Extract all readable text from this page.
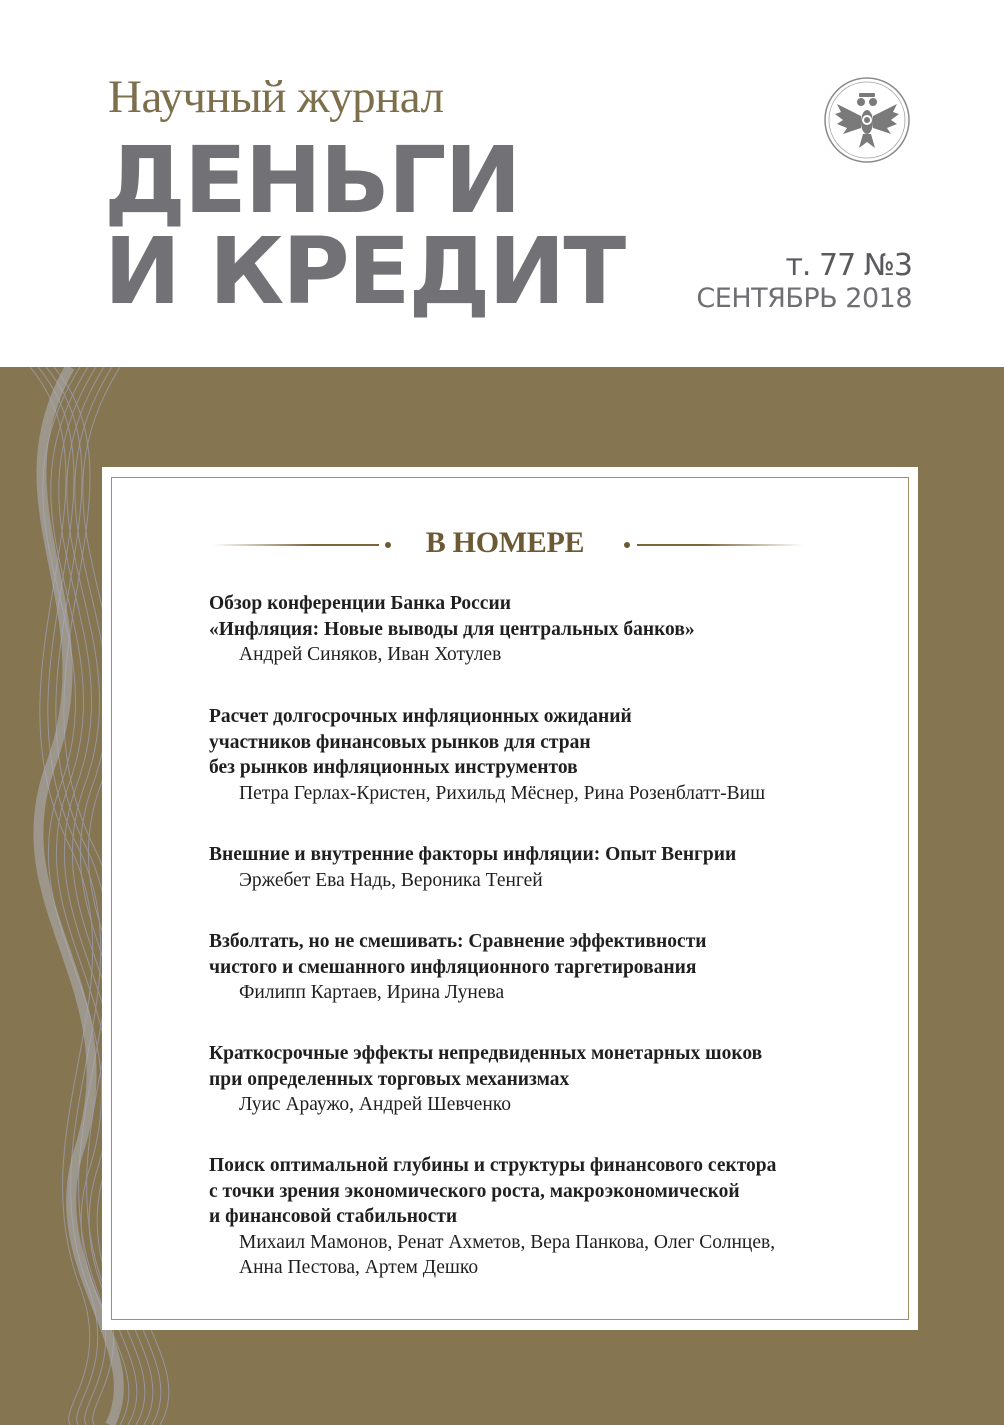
Научный журнал
ДЕНЬГИ
И КРЕДИТ	т. 77 №3
СЕНТЯБРЬ 2018
В НОМЕРЕ
Обзор конференции Банка России
«Инфляция: Новые выводы для центральных банков»
Андрей Синяков, Иван Хотулев
Расчет долгосрочных инфляционных ожиданий
участников финансовых рынков для стран
без рынков инфляционных инструментов
Петра Герлах-Кристен, Рихильд Мёснер, Рина Розенблатт-Виш
Внешние и внутренние факторы инфляции: Опыт Венгрии
Эржебет Ева Надь, Вероника Тенгей
Взболтать, но не смешивать: Сравнение эффективности
чистого и смешанного инфляционного таргетирования
Филипп Картаев, Ирина Лунева
Краткосрочные эффекты непредвиденных монетарных шоков
при определенных торговых механизмах
Луис Араужо, Андрей Шевченко
Поиск оптимальной глубины и структуры финансового сектора
с точки зрения экономического роста, макроэкономической
и финансовой стабильности
Михаил Мамонов, Ренат Ахметов, Вера Панкова, Олег Солнцев,
Анна Пестова, Артем Дешко
